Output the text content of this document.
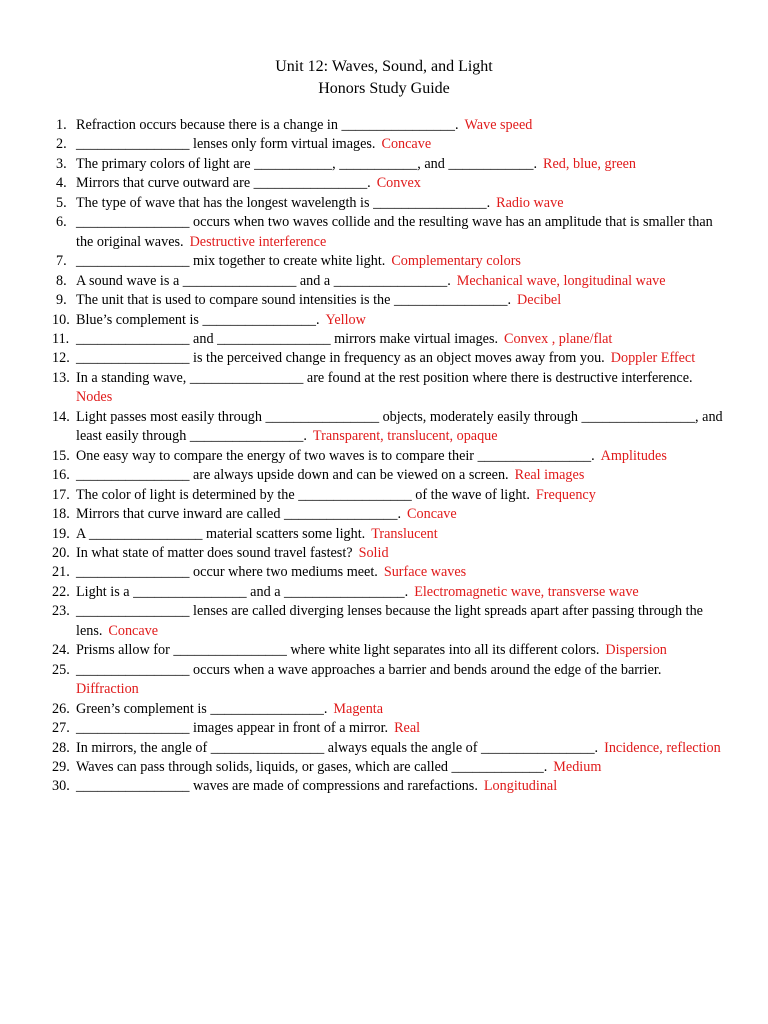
Unit 12: Waves, Sound, and Light
Honors Study Guide
1. Refraction occurs because there is a change in ________________. Wave speed
2. ________________ lenses only form virtual images. Concave
3. The primary colors of light are ___________, ___________, and ____________. Red, blue, green
4. Mirrors that curve outward are ________________. Convex
5. The type of wave that has the longest wavelength is ________________. Radio wave
6. ________________ occurs when two waves collide and the resulting wave has an amplitude that is smaller than the original waves. Destructive interference
7. ________________ mix together to create white light. Complementary colors
8. A sound wave is a ________________ and a ________________. Mechanical wave, longitudinal wave
9. The unit that is used to compare sound intensities is the ________________. Decibel
10. Blue’s complement is ________________. Yellow
11. ________________ and ________________ mirrors make virtual images. Convex , plane/flat
12. ________________ is the perceived change in frequency as an object moves away from you. Doppler Effect
13. In a standing wave, ________________ are found at the rest position where there is destructive interference.Nodes
14. Light passes most easily through ________________ objects, moderately easily through ________________, and least easily through ________________. Transparent, translucent, opaque
15. One easy way to compare the energy of two waves is to compare their ________________. Amplitudes
16. ________________ are always upside down and can be viewed on a screen. Real images
17. The color of light is determined by the ________________ of the wave of light. Frequency
18. Mirrors that curve inward are called ________________. Concave
19. A ________________ material scatters some light. Translucent
20. In what state of matter does sound travel fastest? Solid
21. ________________ occur where two mediums meet. Surface waves
22. Light is a ________________ and a _________________. Electromagnetic wave, transverse wave
23. ________________ lenses are called diverging lenses because the light spreads apart after passing through the lens. Concave
24. Prisms allow for ________________ where white light separates into all its different colors. Dispersion
25. ________________ occurs when a wave approaches a barrier and bends around the edge of the barrier.Diffraction
26. Green’s complement is ________________. Magenta
27. ________________ images appear in front of a mirror. Real
28. In mirrors, the angle of ________________ always equals the angle of ________________. Incidence, reflection
29. Waves can pass through solids, liquids, or gases, which are called _____________. Medium
30. ________________ waves are made of compressions and rarefactions. Longitudinal
